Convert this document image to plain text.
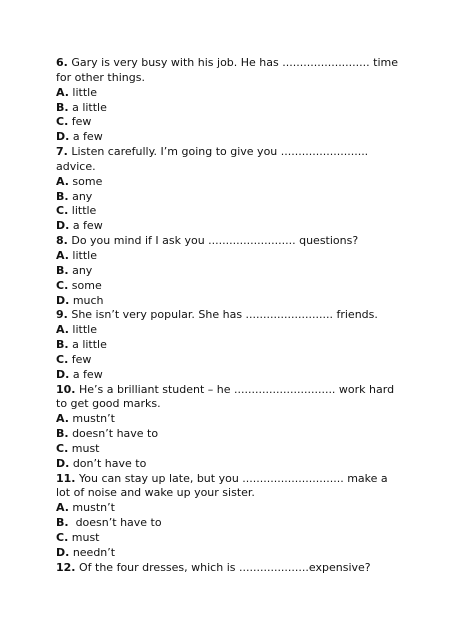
6. Gary is very busy with his job. He has ......................... time
for other things.
A. little
B. a little
C. few
D. a few
7. Listen carefully. I’m going to give you .........................
advice.
A. some
B. any
C. little
D. a few
8. Do you mind if I ask you ......................... questions?
A. little
B. any
C. some
D. much
9. She isn’t very popular. She has ......................... friends.
A. little
B. a little
C. few
D. a few
10. He’s a brilliant student – he ............................. work hard
to get good marks.
A. mustn’t
B. doesn’t have to
C. must
D. don’t have to
11. You can stay up late, but you ............................. make a
lot of noise and wake up your sister.
A. mustn’t
B.  doesn’t have to
C. must
D. needn’t
12. Of the four dresses, which is ....................expensive?
